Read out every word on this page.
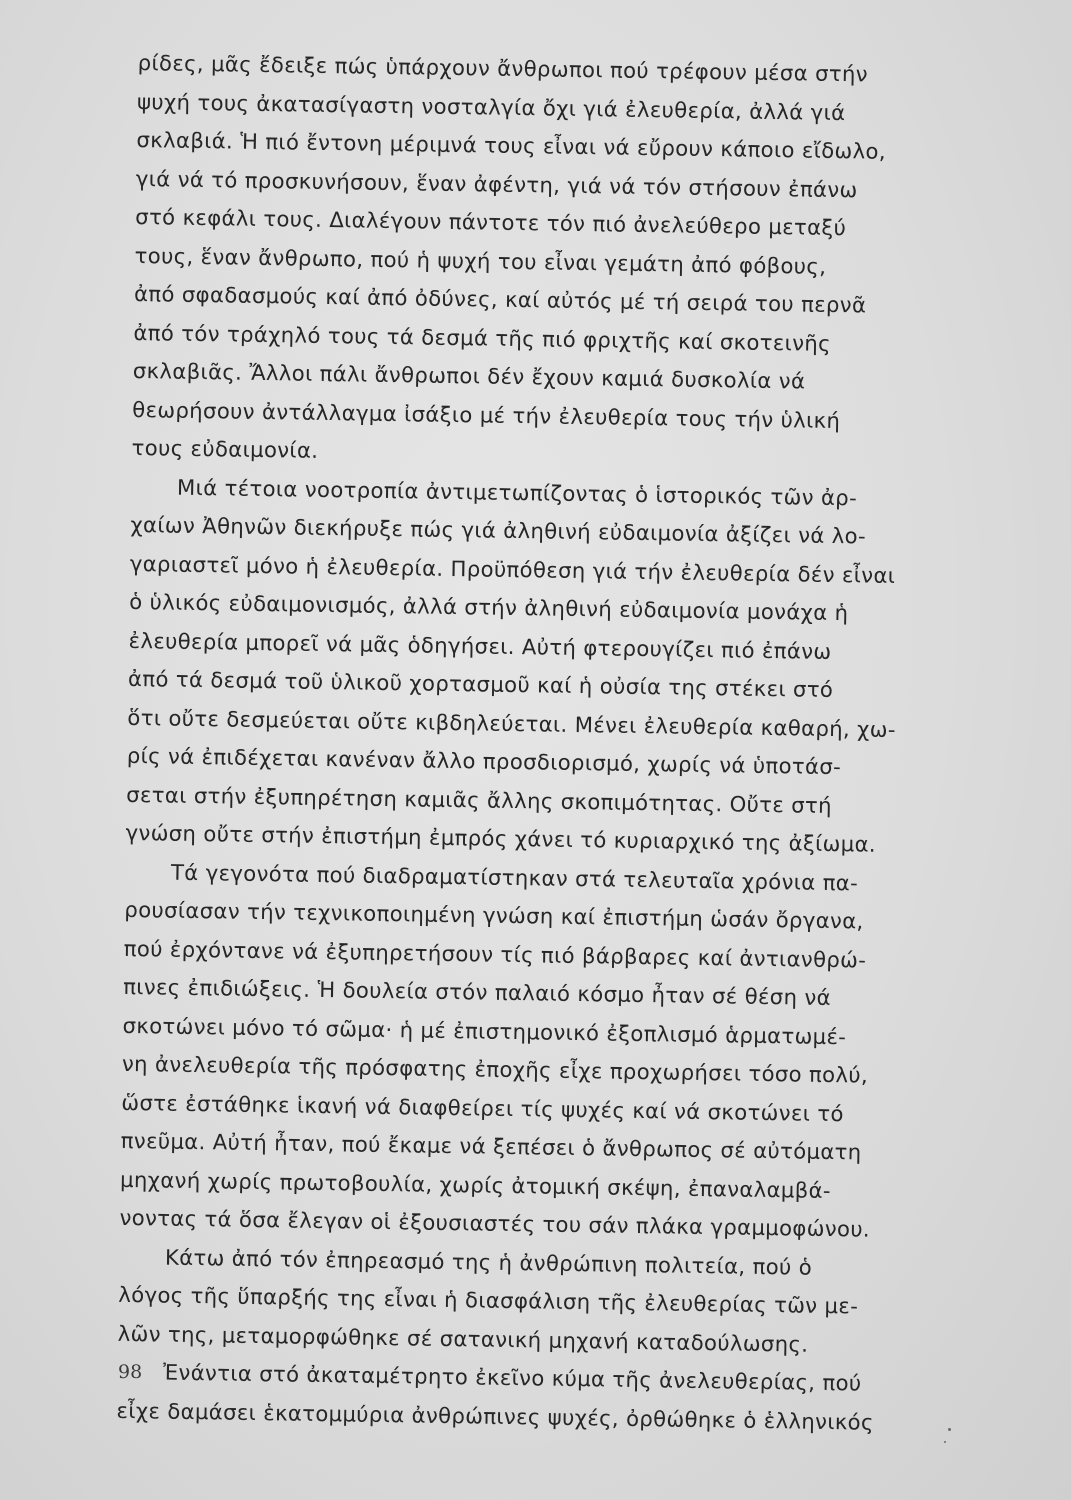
ρίδες, μᾶς ἔδειξε πώς ὑπάρχουν ἄνθρωποι πού τρέφουν μέσα στήν
ψυχή τους ἀκατασίγαστη νοσταλγία ὄχι γιά ἐλευθερία, ἀλλά γιά
σκλαβιά. Ἡ πιό ἔντονη μέριμνά τους εἶναι νά εὔρουν κάποιο εἴδωλο,
γιά νά τό προσκυνήσουν, ἕναν ἀφέντη, γιά νά τόν στήσουν ἐπάνω
στό κεφάλι τους. Διαλέγουν πάντοτε τόν πιό ἀνελεύθερο μεταξύ
τους, ἕναν ἄνθρωπο, πού ἡ ψυχή του εἶναι γεμάτη ἀπό φόβους,
ἀπό σφαδασμούς καί ἀπό ὀδύνες, καί αὐτός μέ τή σειρά του περνᾶ
ἀπό τόν τράχηλό τους τά δεσμά τῆς πιό φριχτῆς καί σκοτεινῆς
σκλαβιᾶς. Ἄλλοι πάλι ἄνθρωποι δέν ἔχουν καμιά δυσκολία νά
θεωρήσουν ἀντάλλαγμα ἰσάξιο μέ τήν ἐλευθερία τους τήν ὑλική
τους εὐδαιμονία.
Μιά τέτοια νοοτροπία ἀντιμετωπίζοντας ὁ ἱστορικός τῶν ἀρ-
χαίων Ἀθηνῶν διεκήρυξε πώς γιά ἀληθινή εὐδαιμονία ἀξίζει νά λο-
γαριαστεῖ μόνο ἡ ἐλευθερία. Προϋπόθεση γιά τήν ἐλευθερία δέν εἶναι
ὁ ὑλικός εὐδαιμονισμός, ἀλλά στήν ἀληθινή εὐδαιμονία μονάχα ἡ
ἐλευθερία μπορεῖ νά μᾶς ὁδηγήσει. Αὐτή φτερουγίζει πιό ἐπάνω
ἀπό τά δεσμά τοῦ ὑλικοῦ χορτασμοῦ καί ἡ οὐσία της στέκει στό
ὅτι οὔτε δεσμεύεται οὔτε κιβδηλεύεται. Μένει ἐλευθερία καθαρή, χω-
ρίς νά ἐπιδέχεται κανέναν ἄλλο προσδιορισμό, χωρίς νά ὑποτάσ-
σεται στήν ἐξυπηρέτηση καμιᾶς ἄλλης σκοπιμότητας. Οὔτε στή
γνώση οὔτε στήν ἐπιστήμη ἐμπρός χάνει τό κυριαρχικό της ἀξίωμα.
Τά γεγονότα πού διαδραματίστηκαν στά τελευταῖα χρόνια πα-
ρουσίασαν τήν τεχνικοποιημένη γνώση καί ἐπιστήμη ὡσάν ὄργανα,
πού ἐρχόντανε νά ἐξυπηρετήσουν τίς πιό βάρβαρες καί ἀντιανθρώ-
πινες ἐπιδιώξεις. Ἡ δουλεία στόν παλαιό κόσμο ἦταν σέ θέση νά
σκοτώνει μόνο τό σῶμα· ἡ μέ ἐπιστημονικό ἐξοπλισμό ἁρματωμέ-
νη ἀνελευθερία τῆς πρόσφατης ἐποχῆς εἶχε προχωρήσει τόσο πολύ,
ὥστε ἐστάθηκε ἱκανή νά διαφθείρει τίς ψυχές καί νά σκοτώνει τό
πνεῦμα. Αὐτή ἦταν, πού ἔκαμε νά ξεπέσει ὁ ἄνθρωπος σέ αὐτόματη
μηχανή χωρίς πρωτοβουλία, χωρίς ἀτομική σκέψη, ἐπαναλαμβά-
νοντας τά ὅσα ἔλεγαν οἱ ἐξουσιαστές του σάν πλάκα γραμμοφώνου.
Κάτω ἀπό τόν ἐπηρεασμό της ἡ ἀνθρώπινη πολιτεία, πού ὁ
λόγος τῆς ὕπαρξής της εἶναι ἡ διασφάλιση τῆς ἐλευθερίας τῶν με-
λῶν της, μεταμορφώθηκε σέ σατανική μηχανή καταδούλωσης.
Ἐνάντια στό ἀκαταμέτρητο ἐκεῖνο κύμα τῆς ἀνελευθερίας, πού
εἶχε δαμάσει ἑκατομμύρια ἀνθρώπινες ψυχές, ὀρθώθηκε ὁ ἑλληνικός
98
